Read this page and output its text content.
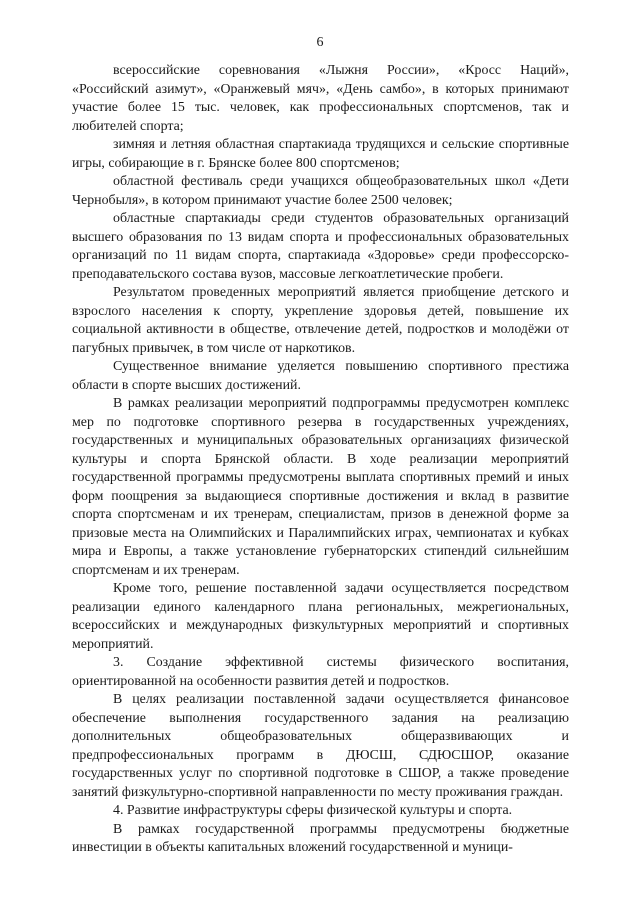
6

всероссийские соревнования «Лыжня России», «Кросс Наций», «Российский азимут», «Оранжевый мяч», «День самбо», в которых принимают участие более 15 тыс. человек, как профессиональных спортсменов, так и любителей спорта;

зимняя и летняя областная спартакиада трудящихся и сельские спортивные игры, собирающие в г. Брянске более 800 спортсменов;

областной фестиваль среди учащихся общеобразовательных школ «Дети Чернобыля», в котором принимают участие более 2500 человек;

областные спартакиады среди студентов образовательных организаций высшего образования по 13 видам спорта и профессиональных образовательных организаций по 11 видам спорта, спартакиада «Здоровье» среди профессорско-преподавательского состава вузов, массовые легкоатлетические пробеги.

Результатом проведенных мероприятий является приобщение детского и взрослого населения к спорту, укрепление здоровья детей, повышение их социальной активности в обществе, отвлечение детей, подростков и молодёжи от пагубных привычек, в том числе от наркотиков.

Существенное внимание уделяется повышению спортивного престижа области в спорте высших достижений.

В рамках реализации мероприятий подпрограммы предусмотрен комплекс мер по подготовке спортивного резерва в государственных учреждениях, государственных и муниципальных образовательных организациях физической культуры и спорта Брянской области. В ходе реализации мероприятий государственной программы предусмотрены выплата спортивных премий и иных форм поощрения за выдающиеся спортивные достижения и вклад в развитие спорта спортсменам и их тренерам, специалистам, призов в денежной форме за призовые места на Олимпийских и Паралимпийских играх, чемпионатах и кубках мира и Европы, а также установление губернаторских стипендий сильнейшим спортсменам и их тренерам.

Кроме того, решение поставленной задачи осуществляется посредством реализации единого календарного плана региональных, межрегиональных, всероссийских и международных физкультурных мероприятий и спортивных мероприятий.

3. Создание эффективной системы физического воспитания, ориентированной на особенности развития детей и подростков.

В целях реализации поставленной задачи осуществляется финансовое обеспечение выполнения государственного задания на реализацию дополнительных общеобразовательных общеразвивающих и предпрофессиональных программ в ДЮСШ, СДЮСШОР, оказание государственных услуг по спортивной подготовке в СШОР, а также проведение занятий физкультурно-спортивной направленности по месту проживания граждан.

4. Развитие инфраструктуры сферы физической культуры и спорта.

В рамках государственной программы предусмотрены бюджетные инвестиции в объекты капитальных вложений государственной и муници-
